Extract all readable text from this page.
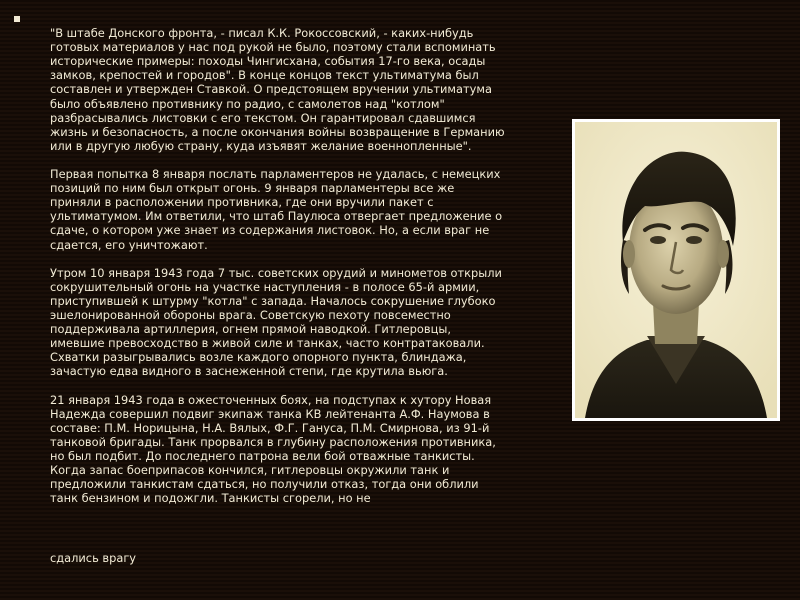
"В штабе Донского фронта, - писал К.К. Рокоссовский, - каких-нибудь готовых материалов у нас под рукой не было, поэтому стали вспоминать исторические примеры: походы Чингисхана, события 17-го века, осады замков, крепостей и городов". В конце концов текст ультиматума был составлен и утвержден Ставкой. О предстоящем вручении ультиматума было объявлено противнику по радио, с самолетов над "котлом" разбрасывались листовки с его текстом. Он гарантировал сдавшимся жизнь и безопасность, а после окончания войны возвращение в Германию или в другую любую страну, куда изъявят желание военнопленные".

Первая попытка 8 января послать парламентеров не удалась, с немецких позиций по ним был открыт огонь. 9 января парламентеры все же приняли в расположении противника, где они вручили пакет с ультиматумом. Им ответили, что штаб Паулюса отвергает предложение о сдаче, о котором уже знает из содержания листовок. Но, а если враг не сдается, его уничтожают.

Утром 10 января 1943 года 7 тыс. советских орудий и минометов открыли сокрушительный огонь на участке наступления - в полосе 65-й армии, приступившей к штурму "котла" с запада. Началось сокрушение глубоко эшелонированной обороны врага. Советскую пехоту повсеместно поддерживала артиллерия, огнем прямой наводкой. Гитлеровцы, имевшие превосходство в живой силе и танках, часто контратаковали. Схватки разыгрывались возле каждого опорного пункта, блиндажа, зачастую едва видного в заснеженной степи, где крутила вьюга.

21 января 1943 года в ожесточенных боях, на подступах к хутору Новая Надежда совершил подвиг экипаж танка КВ лейтенанта А.Ф. Наумова в составе: П.М. Норицына, Н.А. Вялых, Ф.Г. Гануса, П.М. Смирнова, из 91-й танковой бригады. Танк прорвался в глубину расположения противника, но был подбит. До последнего патрона вели бой отважные танкисты. Когда запас боеприпасов кончился, гитлеровцы окружили танк и предложили танкистам сдаться, но получили отказ, тогда они облили танк бензином и подожгли. Танкисты сгорели, но не

сдались врагу
